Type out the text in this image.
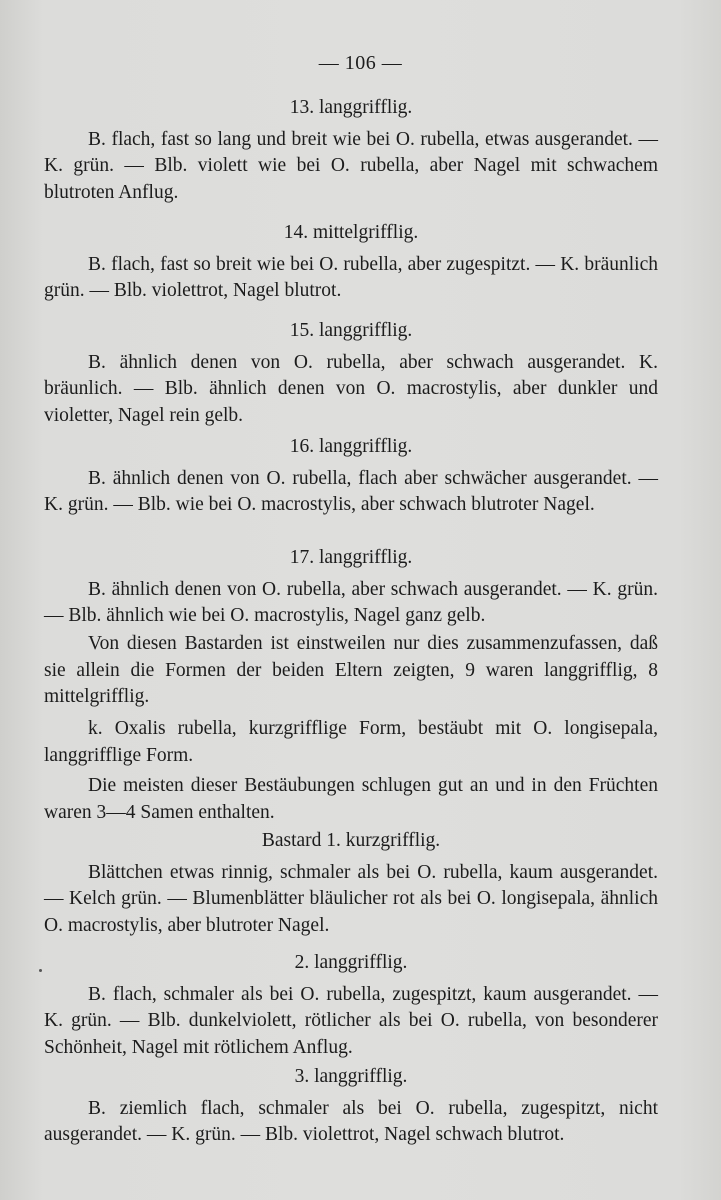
— 106 —
13. langgrifflig.

B. flach, fast so lang und breit wie bei O. rubella, etwas ausgerandet. — K. grün. — Blb. violett wie bei O. rubella, aber Nagel mit schwachem blutroten Anflug.

14. mittelgrifflig.

B. flach, fast so breit wie bei O. rubella, aber zugespitzt. — K. bräunlich grün. — Blb. violettrot, Nagel blutrot.

15. langgrifflig.

B. ähnlich denen von O. rubella, aber schwach ausgerandet. K. bräunlich. — Blb. ähnlich denen von O. macrostylis, aber dunkler und violetter, Nagel rein gelb.

16. langgrifflig.

B. ähnlich denen von O. rubella, flach aber schwächer ausgerandet. — K. grün. — Blb. wie bei O. macrostylis, aber schwach blutroter Nagel.

17. langgrifflig.

B. ähnlich denen von O. rubella, aber schwach ausgerandet. — K. grün. — Blb. ähnlich wie bei O. macrostylis, Nagel ganz gelb.

Von diesen Bastarden ist einstweilen nur dies zusammenzufassen, daß sie allein die Formen der beiden Eltern zeigten, 9 waren langgrifflig, 8 mittelgrifflig.

k. Oxalis rubella, kurzgrifflige Form, bestäubt mit O. longisepala, langgrifflige Form.

Die meisten dieser Bestäubungen schlugen gut an und in den Früchten waren 3—4 Samen enthalten.

Bastard 1. kurzgrifflig.

Blättchen etwas rinnig, schmaler als bei O. rubella, kaum ausgerandet. — Kelch grün. — Blumenblätter bläulicher rot als bei O. longisepala, ähnlich O. macrostylis, aber blutroter Nagel.

2. langgrifflig.

B. flach, schmaler als bei O. rubella, zugespitzt, kaum ausgerandet. — K. grün. — Blb. dunkelviolett, rötlicher als bei O. rubella, von besonderer Schönheit, Nagel mit rötlichem Anflug.

3. langgrifflig.

B. ziemlich flach, schmaler als bei O. rubella, zugespitzt, nicht ausgerandet. — K. grün. — Blb. violettrot, Nagel schwach blutrot.
